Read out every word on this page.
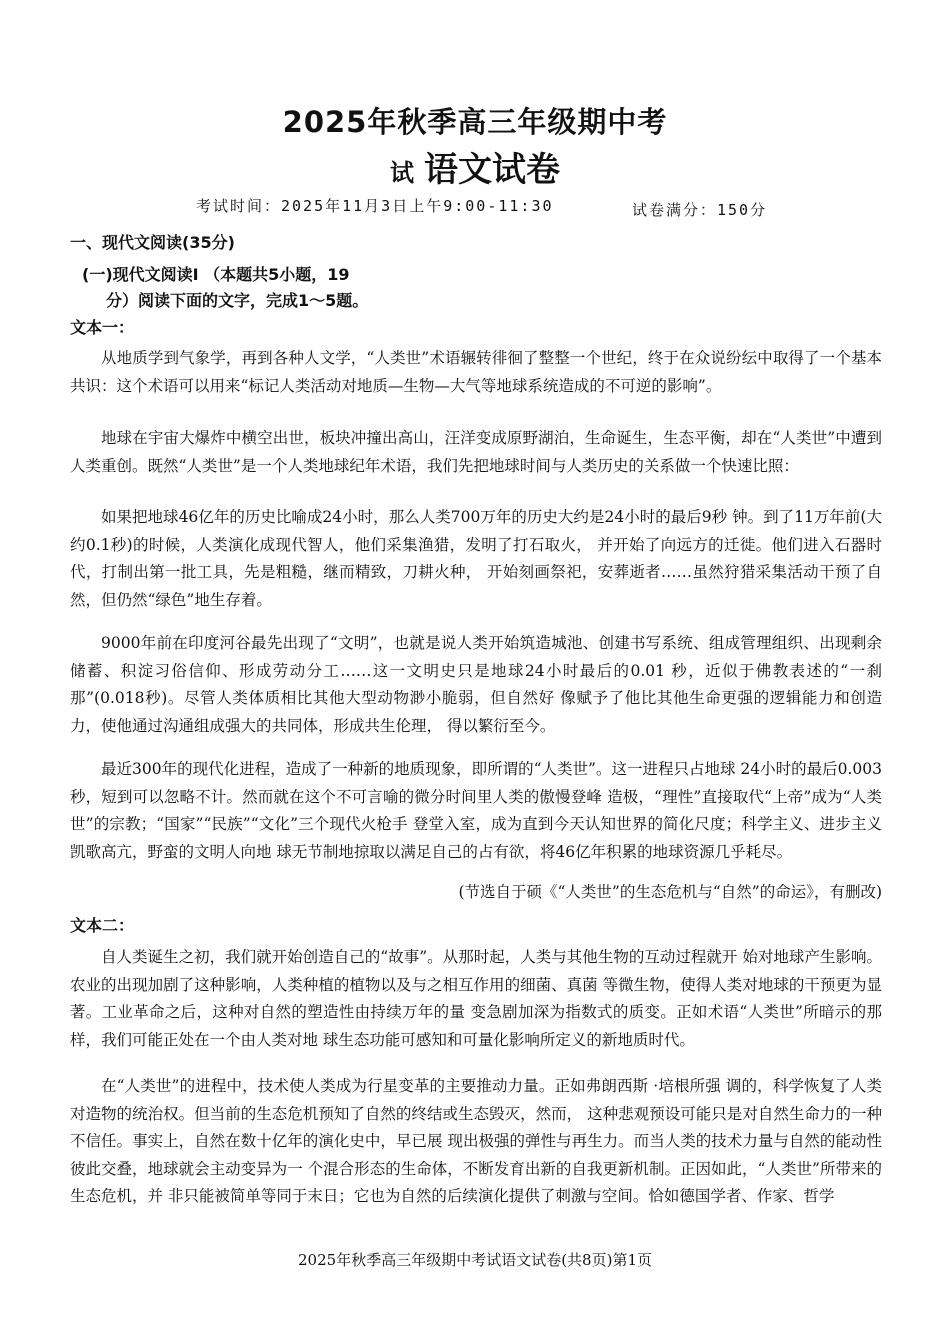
2025年秋季高三年级期中考
试 语文试卷
考试时间：2025年11月3日上午9:00-11:30	试卷满分：150分
一、现代文阅读(35分)
(一)现代文阅读Ⅰ （本题共5小题，19
分）阅读下面的文字，完成1～5题。
文本一：
从地质学到气象学，再到各种人文学，“人类世”术语辗转徘徊了整整一个世纪，终于在众说纷纭中取得了一个基本共识：这个术语可以用来“标记人类活动对地质—生物—大气等地球系统造成的不可逆的影响”。
地球在宇宙大爆炸中横空出世，板块冲撞出高山，汪洋变成原野湖泊，生命诞生，生态平衡，却在“人类世”中遭到人类重创。既然“人类世”是一个人类地球纪年术语，我们先把地球时间与人类历史的关系做一个快速比照：
如果把地球46亿年的历史比喻成24小时，那么人类700万年的历史大约是24小时的最后9秒 钟。到了11万年前(大约0.1秒)的时候，人类演化成现代智人，他们采集渔猎，发明了打石取火， 并开始了向远方的迁徙。他们进入石器时代，打制出第一批工具，先是粗糙，继而精致，刀耕火种， 开始刻画祭祀，安葬逝者……虽然狩猎采集活动干预了自然，但仍然“绿色”地生存着。
9000年前在印度河谷最先出现了“文明”，也就是说人类开始筑造城池、创建书写系统、组成管理组织、出现剩余储蓄、积淀习俗信仰、形成劳动分工……这一文明史只是地球24小时最后的0.01 秒，近似于佛教表述的“一刹那”(0.018秒)。尽管人类体质相比其他大型动物渺小脆弱，但自然好 像赋予了他比其他生命更强的逻辑能力和创造力，使他通过沟通组成强大的共同体，形成共生伦理， 得以繁衍至今。
最近300年的现代化进程，造成了一种新的地质现象，即所谓的“人类世”。这一进程只占地球 24小时的最后0.003秒，短到可以忽略不计。然而就在这个不可言喻的微分时间里人类的傲慢登峰 造极，“理性”直接取代“上帝”成为“人类世”的宗教；“国家”“民族”“文化”三个现代火枪手 登堂入室，成为直到今天认知世界的简化尺度；科学主义、进步主义凯歌高亢，野蛮的文明人向地 球无节制地掠取以满足自己的占有欲，将46亿年积累的地球资源几乎耗尽。
(节选自于硕《“人类世”的生态危机与“自然”的命运》，有删改)
文本二：
自人类诞生之初，我们就开始创造自己的“故事”。从那时起，人类与其他生物的互动过程就开 始对地球产生影响。农业的出现加剧了这种影响，人类种植的植物以及与之相互作用的细菌、真菌 等微生物，使得人类对地球的干预更为显著。工业革命之后，这种对自然的塑造性由持续万年的量 变急剧加深为指数式的质变。正如术语“人类世”所暗示的那样，我们可能正处在一个由人类对地 球生态功能可感知和可量化影响所定义的新地质时代。
在“人类世”的进程中，技术使人类成为行星变革的主要推动力量。正如弗朗西斯 ·培根所强 调的，科学恢复了人类对造物的统治权。但当前的生态危机预知了自然的终结或生态毁灭，然而， 这种悲观预设可能只是对自然生命力的一种不信任。事实上，自然在数十亿年的演化史中，早已展 现出极强的弹性与再生力。而当人类的技术力量与自然的能动性彼此交叠，地球就会主动变异为一 个混合形态的生命体，不断发育出新的自我更新机制。正因如此，“人类世”所带来的生态危机，并 非只能被简单等同于末日；它也为自然的后续演化提供了刺激与空间。恰如德国学者、作家、哲学
2025年秋季高三年级期中考试语文试卷(共8页)第1页
